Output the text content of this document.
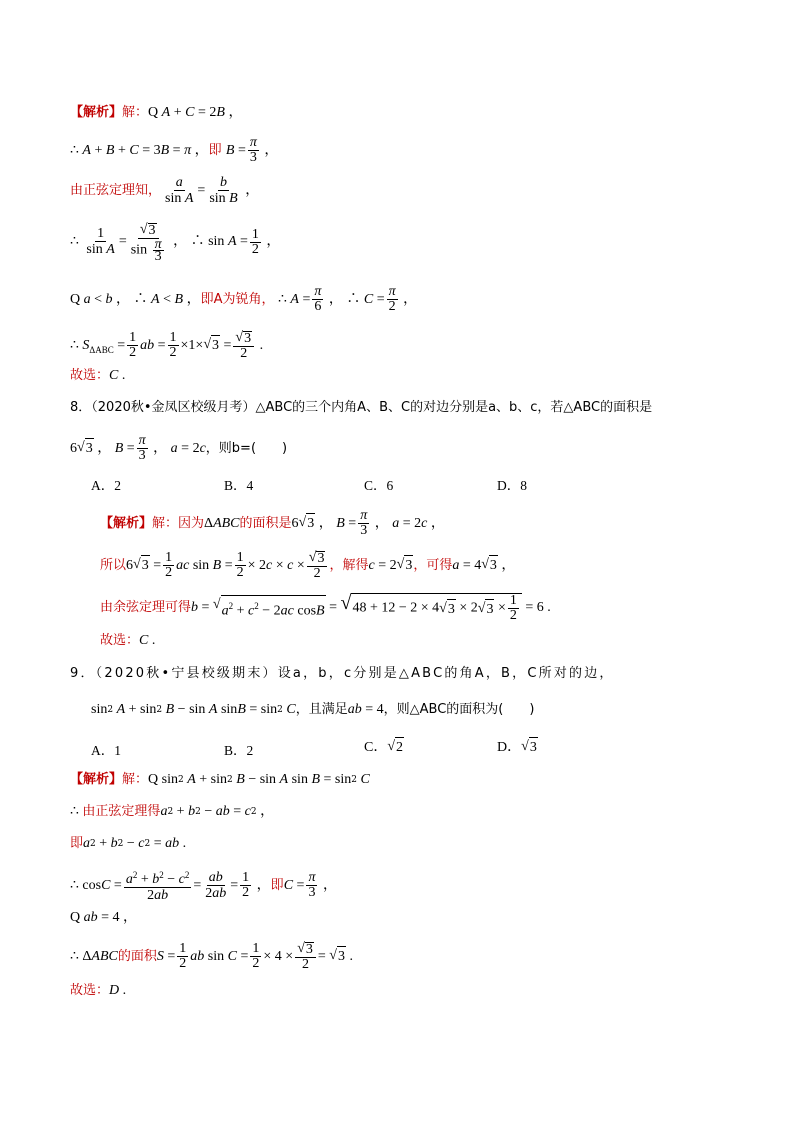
【解析】 解： Q A + C = 2 B ，
∴ A + B + C = 3 B = π ， 即
$B = \frac{\pi}{3}$ ，
由正弦定理知， $\frac{a}{\text{sin A}} = \frac{b}{\text{sin B}}$ ，
∴ $\frac{1}{\text{sin A}} = \frac{√ 3}{\sin \frac{\pi}{3}}$ ， ∴ $\sin A = \frac{1}{2}$ ，
Q a < b ， ∴ A < B ， 即A为锐角， ∴ $A = \frac{\pi}{6}$ ， ∴ $C = \frac{\pi}{2}$ ，
∴ S $\Delta ABC = \frac{1}{2}$ ab = $\frac{1}{2} \times 1\times$ √ $3 = \frac{√ 3}{2}$ .
故选： C .
8．（2020秋•金凤区校级月考）△ABC的三个内角A、B、C的对边分别是a、b、c，若△ABC的面积是
6 √ 3 ， $B = \frac{\pi}{3}$ ， a = 2 c ，则b=(　　)
A．2	B．4	C．6	D．8
【解析】 解： 因为 Δ ABC 的面积是 6 √ 3 ， $B = \frac{\pi}{3}$ ， a = 2 c ，
所以 6 √ $3 = \frac{1}{2}$ ac $\sin B = \frac{1}{2} \times 2$ $c \times c \times \frac{√ 3}{2}$ ，解得 c = 2 √ 3 ，可得 a = 4 √ 3 ，
由余弦定理可得 b = √ $a^2 + c^2 - 2ac$ cosB = √ 48 + 12 − 2 × 4 √ 3 × 2 √ $3 \times \frac{1}{2} = 6$ .
故选： C .
9．（2020秋•宁县校级期末）设a，b，c分别是△ABC的角A，B，C所对的边，
sin 2
A + sin 2
B − sin A sin B = sin 2
C ，且满足 ab = 4 ，则△ABC的面积为(　　)
A．1	B．2	C． √ 2	D． √ 3
【解析】 解： Q sin 2
A + sin 2
B − sin A sin B = sin 2
C
∴ 由正弦定理得 a 2 + b 2 − ab = c 2 ，
即 a 2 + b 2 − c 2 = ab .
∴ $\cos C = \frac{a^2 + b^2 - c^2}{2ab} = \frac{ab}{2ab} = \frac{1}{2}$ ， 即 $C = \frac{\pi}{3}$ ，
Q ab = 4 ，
∴ Δ ABC 的面积 $S = \frac{1}{2}$ ab $\sin C = \frac{1}{2} \times 4 \times \frac{√ 3}{2}$ = √ 3 .
故选： D .
